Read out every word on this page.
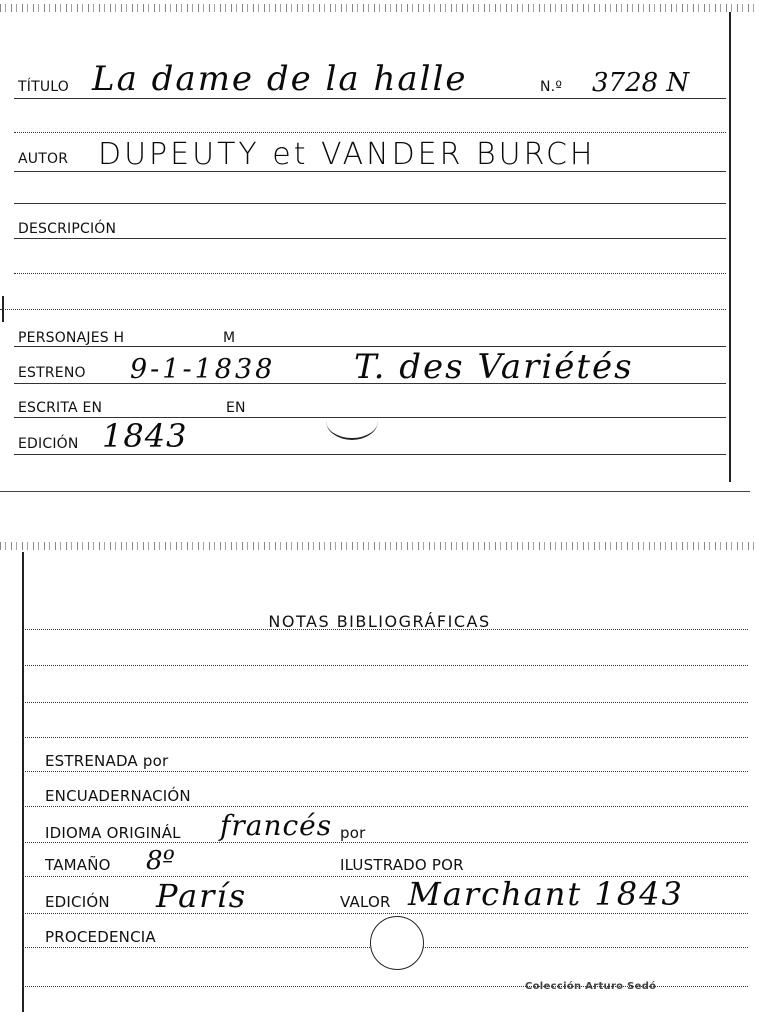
TÍTULO La dame de la halle	N.º 3728 N
AUTOR DUPEUTY et VANDER BURCH
DESCRIPCIÓN
PERSONAJES H	M
ESTRENO 9-1-1838 T. des Variétés
ESCRITA EN	EN
EDICIÓN 1843
NOTAS BIBLIOGRÁFICAS
ESTRENADA por
ENCUADERNACIÓN
IDIOMA ORIGINÁL francés por
TAMAÑO 8º	ILUSTRADO POR
EDICIÓN París	VALOR Marchant 1843
PROCEDENCIA
Colección Arturo Sedó
